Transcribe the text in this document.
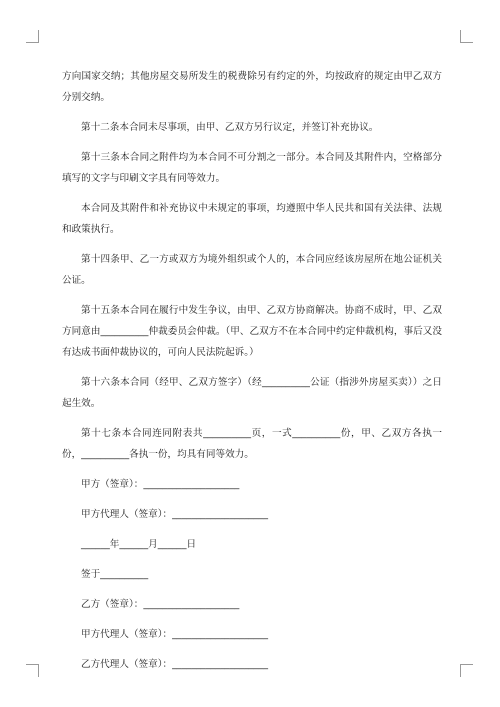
方向国家交纳；其他房屋交易所发生的税费除另有约定的外，均按政府的规定由甲乙双方分别交纳。

第十二条本合同未尽事项，由甲、乙双方另行议定，并签订补充协议。

第十三条本合同之附件均为本合同不可分割之一部分。本合同及其附件内，空格部分填写的文字与印刷文字具有同等效力。

本合同及其附件和补充协议中未规定的事项，均遵照中华人民共和国有关法律、法规和政策执行。

第十四条甲、乙一方或双方为境外组织或个人的，本合同应经该房屋所在地公证机关公证。

第十五条本合同在履行中发生争议，由甲、乙双方协商解决。协商不成时，甲、乙双方同意由__________仲裁委员会仲裁。（甲、乙双方不在本合同中约定仲裁机构，事后又没有达成书面仲裁协议的，可向人民法院起诉。）

第十六条本合同（经甲、乙双方签字）（经__________公证（指涉外房屋买卖））之日起生效。

第十七条本合同连同附表共__________页，一式__________份，甲、乙双方各执一份，__________各执一份，均具有同等效力。

甲方（签章）：____________________
甲方代理人（签章）：____________________
______年______月______日
签于__________
乙方（签章）：____________________
甲方代理人（签章）：____________________
乙方代理人（签章）：____________________
